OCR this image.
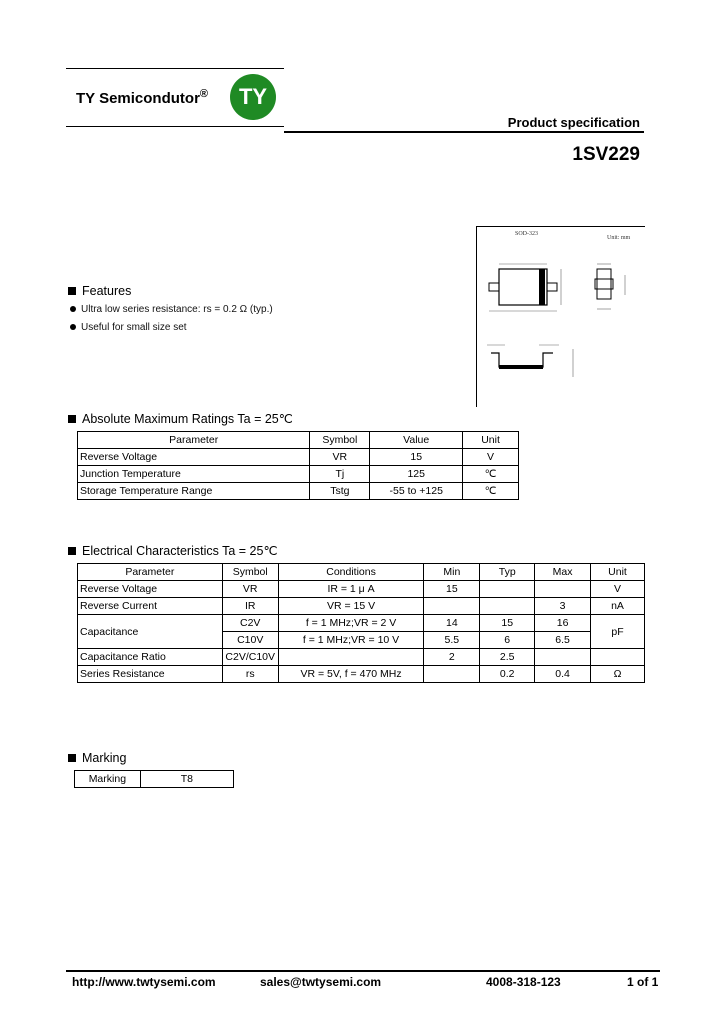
TY Semicondutor®	TY
Product specification
1SV229
SOD-323
Unit: mm
Features
Ultra low series resistance: rs = 0.2 Ω (typ.)
Useful for small size set
Absolute Maximum Ratings Ta = 25℃
Parameter	Symbol	Value	Unit
Reverse Voltage	VR	15	V
Junction Temperature	Tj	125	℃
Storage Temperature Range	Tstg	-55 to +125	℃
Electrical Characteristics Ta = 25℃
Parameter	Symbol	Conditions	Min	Typ	Max	Unit
Reverse Voltage	VR	IR = 1 μ A	15			V
Reverse Current	IR	VR = 15 V			3	nA
Capacitance	C2V	f = 1 MHz;VR = 2 V	14	15	16	pF
	C10V	f = 1 MHz;VR = 10 V	5.5	6	6.5	
Capacitance Ratio	C2V/C10V		2	2.5		
Series Resistance	rs	VR = 5V, f = 470 MHz		0.2	0.4	Ω
Marking
Marking	T8
http://www.twtysemi.com	sales@twtysemi.com	4008-318-123	1 of 1
